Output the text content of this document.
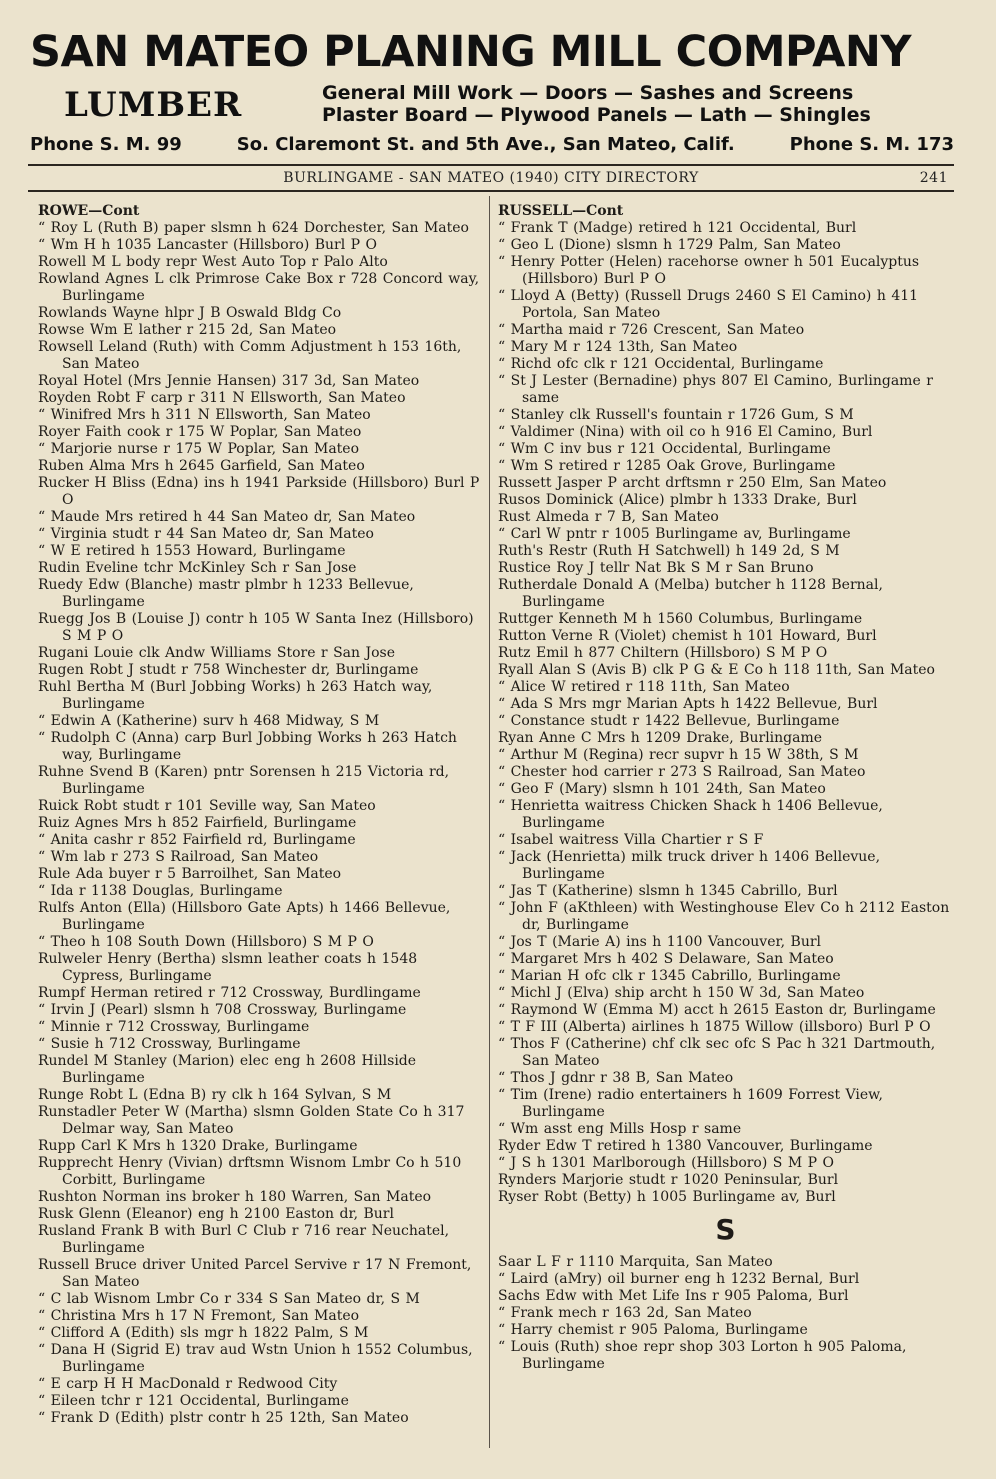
SAN MATEO PLANING MILL COMPANY
LUMBER	General Mill Work — Doors — Sashes and Screens
Plaster Board — Plywood Panels — Lath — Shingles
Phone S. M. 99	So. Claremont St. and 5th Ave., San Mateo, Calif.	Phone S. M. 173
BURLINGAME - SAN MATEO (1940) CITY DIRECTORY	241
ROWE—Cont
“ Roy L (Ruth B) paper slsmn h 624 Dorchester, San Mateo
“ Wm H h 1035 Lancaster (Hillsboro) Burl P O
Rowell M L body repr West Auto Top r Palo Alto
Rowland Agnes L clk Primrose Cake Box r 728 Concord way, Burlingame
Rowlands Wayne hlpr J B Oswald Bldg Co
Rowse Wm E lather r 215 2d, San Mateo
Rowsell Leland (Ruth) with Comm Adjustment h 153 16th, San Mateo
Royal Hotel (Mrs Jennie Hansen) 317 3d, San Mateo
Royden Robt F carp r 311 N Ellsworth, San Mateo
“ Winifred Mrs h 311 N Ellsworth, San Mateo
Royer Faith cook r 175 W Poplar, San Mateo
“ Marjorie nurse r 175 W Poplar, San Mateo
Ruben Alma Mrs h 2645 Garfield, San Mateo
Rucker H Bliss (Edna) ins h 1941 Parkside (Hillsboro) Burl P O
“ Maude Mrs retired h 44 San Mateo dr, San Mateo
“ Virginia studt r 44 San Mateo dr, San Mateo
“ W E retired h 1553 Howard, Burlingame
Rudin Eveline tchr McKinley Sch r San Jose
Ruedy Edw (Blanche) mastr plmbr h 1233 Bellevue, Burlingame
Ruegg Jos B (Louise J) contr h 105 W Santa Inez (Hillsboro) S M P O
Rugani Louie clk Andw Williams Store r San Jose
Rugen Robt J studt r 758 Winchester dr, Burlingame
Ruhl Bertha M (Burl Jobbing Works) h 263 Hatch way, Burlingame
“ Edwin A (Katherine) surv h 468 Midway, S M
“ Rudolph C (Anna) carp Burl Jobbing Works h 263 Hatch way, Burlingame
Ruhne Svend B (Karen) pntr Sorensen h 215 Victoria rd, Burlingame
Ruick Robt studt r 101 Seville way, San Mateo
Ruiz Agnes Mrs h 852 Fairfield, Burlingame
“ Anita cashr r 852 Fairfield rd, Burlingame
“ Wm lab r 273 S Railroad, San Mateo
Rule Ada buyer r 5 Barroilhet, San Mateo
“ Ida r 1138 Douglas, Burlingame
Rulfs Anton (Ella) (Hillsboro Gate Apts) h 1466 Bellevue, Burlingame
“ Theo h 108 South Down (Hillsboro) S M P O
Rulweler Henry (Bertha) slsmn leather coats h 1548 Cypress, Burlingame
Rumpf Herman retired r 712 Crossway, Burdlingame
“ Irvin J (Pearl) slsmn h 708 Crossway, Burlingame
“ Minnie r 712 Crossway, Burlingame
“ Susie h 712 Crossway, Burlingame
Rundel M Stanley (Marion) elec eng h 2608 Hillside Burlingame
Runge Robt L (Edna B) ry clk h 164 Sylvan, S M
Runstadler Peter W (Martha) slsmn Golden State Co h 317 Delmar way, San Mateo
Rupp Carl K Mrs h 1320 Drake, Burlingame
Rupprecht Henry (Vivian) drftsmn Wisnom Lmbr Co h 510 Corbitt, Burlingame
Rushton Norman ins broker h 180 Warren, San Mateo
Rusk Glenn (Eleanor) eng h 2100 Easton dr, Burl
Rusland Frank B with Burl C Club r 716 rear Neuchatel, Burlingame
Russell Bruce driver United Parcel Servive r 17 N Fremont, San Mateo
“ C lab Wisnom Lmbr Co r 334 S San Mateo dr, S M
“ Christina Mrs h 17 N Fremont, San Mateo
“ Clifford A (Edith) sls mgr h 1822 Palm, S M
“ Dana H (Sigrid E) trav aud Wstn Union h 1552 Columbus, Burlingame
“ E carp H H MacDonald r Redwood City
“ Eileen tchr r 121 Occidental, Burlingame
“ Frank D (Edith) plstr contr h 25 12th, San Mateo
RUSSELL—Cont
“ Frank T (Madge) retired h 121 Occidental, Burl
“ Geo L (Dione) slsmn h 1729 Palm, San Mateo
“ Henry Potter (Helen) racehorse owner h 501 Eucalyptus (Hillsboro) Burl P O
“ Lloyd A (Betty) (Russell Drugs 2460 S El Camino) h 411 Portola, San Mateo
“ Martha maid r 726 Crescent, San Mateo
“ Mary M r 124 13th, San Mateo
“ Richd ofc clk r 121 Occidental, Burlingame
“ St J Lester (Bernadine) phys 807 El Camino, Burlingame r same
“ Stanley clk Russell's fountain r 1726 Gum, S M
“ Valdimer (Nina) with oil co h 916 El Camino, Burl
“ Wm C inv bus r 121 Occidental, Burlingame
“ Wm S retired r 1285 Oak Grove, Burlingame
Russett Jasper P archt drftsmn r 250 Elm, San Mateo
Rusos Dominick (Alice) plmbr h 1333 Drake, Burl
Rust Almeda r 7 B, San Mateo
“ Carl W pntr r 1005 Burlingame av, Burlingame
Ruth's Restr (Ruth H Satchwell) h 149 2d, S M
Rustice Roy J tellr Nat Bk S M r San Bruno
Rutherdale Donald A (Melba) butcher h 1128 Bernal, Burlingame
Ruttger Kenneth M h 1560 Columbus, Burlingame
Rutton Verne R (Violet) chemist h 101 Howard, Burl
Rutz Emil h 877 Chiltern (Hillsboro) S M P O
Ryall Alan S (Avis B) clk P G & E Co h 118 11th, San Mateo
“ Alice W retired r 118 11th, San Mateo
“ Ada S Mrs mgr Marian Apts h 1422 Bellevue, Burl
“ Constance studt r 1422 Bellevue, Burlingame
Ryan Anne C Mrs h 1209 Drake, Burlingame
“ Arthur M (Regina) recr supvr h 15 W 38th, S M
“ Chester hod carrier r 273 S Railroad, San Mateo
“ Geo F (Mary) slsmn h 101 24th, San Mateo
“ Henrietta waitress Chicken Shack h 1406 Bellevue, Burlingame
“ Isabel waitress Villa Chartier r S F
“ Jack (Henrietta) milk truck driver h 1406 Bellevue, Burlingame
“ Jas T (Katherine) slsmn h 1345 Cabrillo, Burl
“ John F (aKthleen) with Westinghouse Elev Co h 2112 Easton dr, Burlingame
“ Jos T (Marie A) ins h 1100 Vancouver, Burl
“ Margaret Mrs h 402 S Delaware, San Mateo
“ Marian H ofc clk r 1345 Cabrillo, Burlingame
“ Michl J (Elva) ship archt h 150 W 3d, San Mateo
“ Raymond W (Emma M) acct h 2615 Easton dr, Burlingame
“ T F III (Alberta) airlines h 1875 Willow (illsboro) Burl P O
“ Thos F (Catherine) chf clk sec ofc S Pac h 321 Dartmouth, San Mateo
“ Thos J gdnr r 38 B, San Mateo
“ Tim (Irene) radio entertainers h 1609 Forrest View, Burlingame
“ Wm asst eng Mills Hosp r same
Ryder Edw T retired h 1380 Vancouver, Burlingame
“ J S h 1301 Marlborough (Hillsboro) S M P O
Rynders Marjorie studt r 1020 Peninsular, Burl
Ryser Robt (Betty) h 1005 Burlingame av, Burl
S
Saar L F r 1110 Marquita, San Mateo
“ Laird (aMry) oil burner eng h 1232 Bernal, Burl
Sachs Edw with Met Life Ins r 905 Paloma, Burl
“ Frank mech r 163 2d, San Mateo
“ Harry chemist r 905 Paloma, Burlingame
“ Louis (Ruth) shoe repr shop 303 Lorton h 905 Paloma, Burlingame
